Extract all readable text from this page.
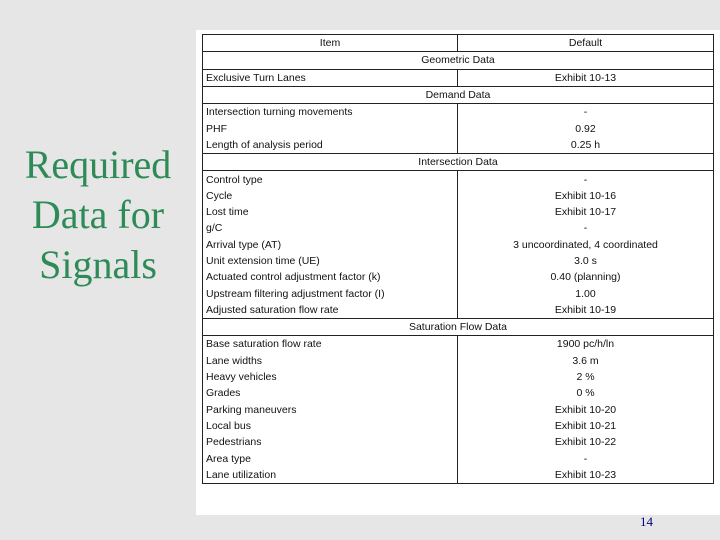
Required
Data for
Signals
Item	Default
Geometric Data	
Exclusive Turn Lanes	Exhibit 10-13
Demand Data	
Intersection turning movements	-
PHF	0.92
Length of analysis period	0.25 h
Intersection Data	
Control type	-
Cycle	Exhibit 10-16
Lost time	Exhibit 10-17
g/C	-
Arrival type (AT)	3 uncoordinated, 4 coordinated
Unit extension time (UE)	3.0 s
Actuated control adjustment factor (k)	0.40 (planning)
Upstream filtering adjustment factor (I)	1.00
Adjusted saturation flow rate	Exhibit 10-19
Saturation Flow Data	
Base saturation flow rate	1900 pc/h/ln
Lane widths	3.6 m
Heavy vehicles	2 %
Grades	0 %
Parking maneuvers	Exhibit 10-20
Local bus	Exhibit 10-21
Pedestrians	Exhibit 10-22
Area type	-
Lane utilization	Exhibit 10-23
14
